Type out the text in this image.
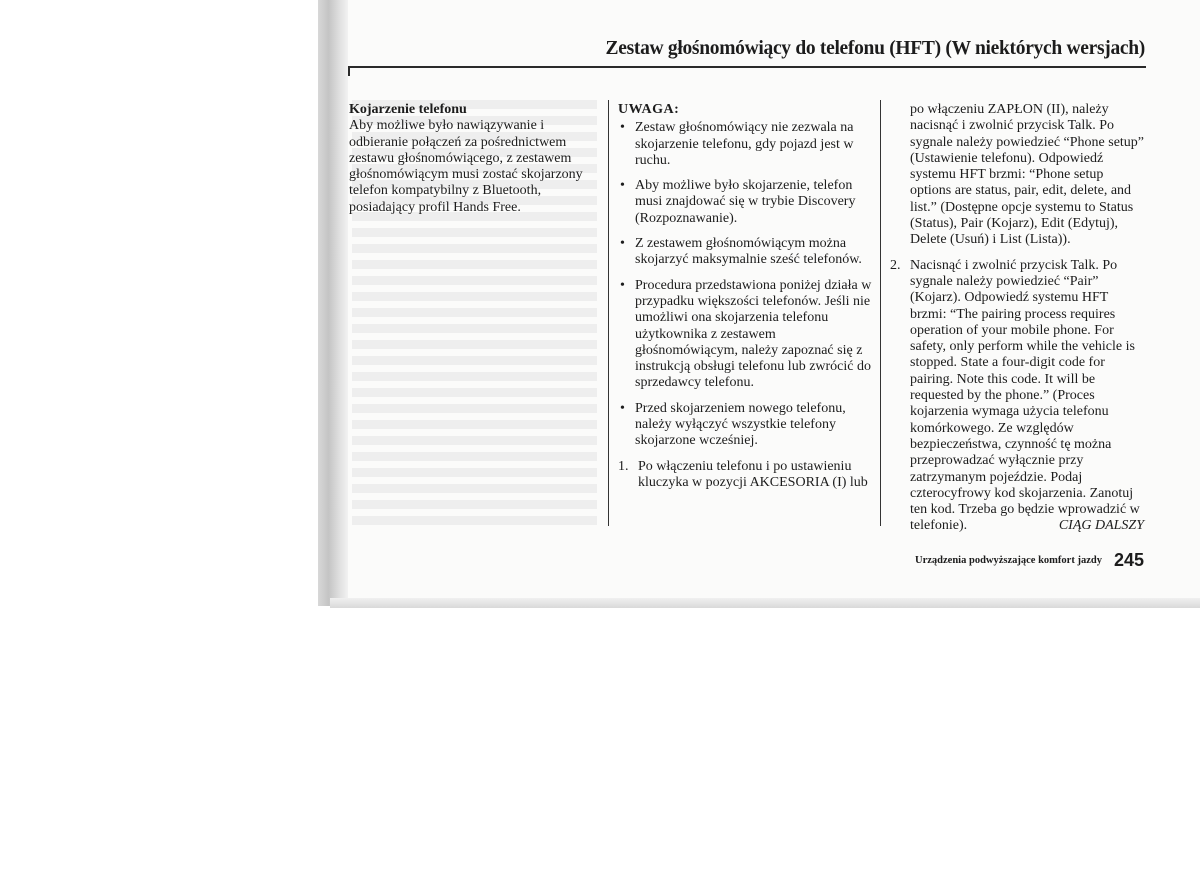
Zestaw głośnomówiący do telefonu (HFT) (W niektórych wersjach)
Kojarzenie telefonu
Aby możliwe było nawiązywanie i odbieranie połączeń za pośrednictwem zestawu głośnomówiącego, z zestawem głośnomówiącym musi zostać skojarzony telefon kompatybilny z Bluetooth, posiadający profil Hands Free.
UWAGA:
• Zestaw głośnomówiący nie zezwala na skojarzenie telefonu, gdy pojazd jest w ruchu.
• Aby możliwe było skojarzenie, telefon musi znajdować się w trybie Discovery (Rozpoznawanie).
• Z zestawem głośnomówiącym można skojarzyć maksymalnie sześć telefonów.
• Procedura przedstawiona poniżej działa w przypadku większości telefonów. Jeśli nie umożliwi ona skojarzenia telefonu użytkownika z zestawem głośnomówiącym, należy zapoznać się z instrukcją obsługi telefonu lub zwrócić do sprzedawcy telefonu.
• Przed skojarzeniem nowego telefonu, należy wyłączyć wszystkie telefony skojarzone wcześniej.
1. Po włączeniu telefonu i po ustawieniu kluczyka w pozycji AKCESORIA (I) lub
po włączeniu ZAPŁON (II), należy nacisnąć i zwolnić przycisk Talk. Po sygnale należy powiedzieć “Phone setup” (Ustawienie telefonu). Odpowiedź systemu HFT brzmi: “Phone setup options are status, pair, edit, delete, and list.” (Dostępne opcje systemu to Status (Status), Pair (Kojarz), Edit (Edytuj), Delete (Usuń) i List (Lista)).
2. Nacisnąć i zwolnić przycisk Talk. Po sygnale należy powiedzieć “Pair” (Kojarz). Odpowiedź systemu HFT brzmi: “The pairing process requires operation of your mobile phone. For safety, only perform while the vehicle is stopped. State a four-digit code for pairing. Note this code. It will be requested by the phone.” (Proces kojarzenia wymaga użycia telefonu komórkowego. Ze względów bezpieczeństwa, czynność tę można przeprowadzać wyłącznie przy zatrzymanym pojeździe. Podaj czterocyfrowy kod skojarzenia. Zanotuj ten kod. Trzeba go będzie wprowadzić w telefonie).	CIĄG DALSZY
Urządzenia podwyższające komfort jazdy 245
